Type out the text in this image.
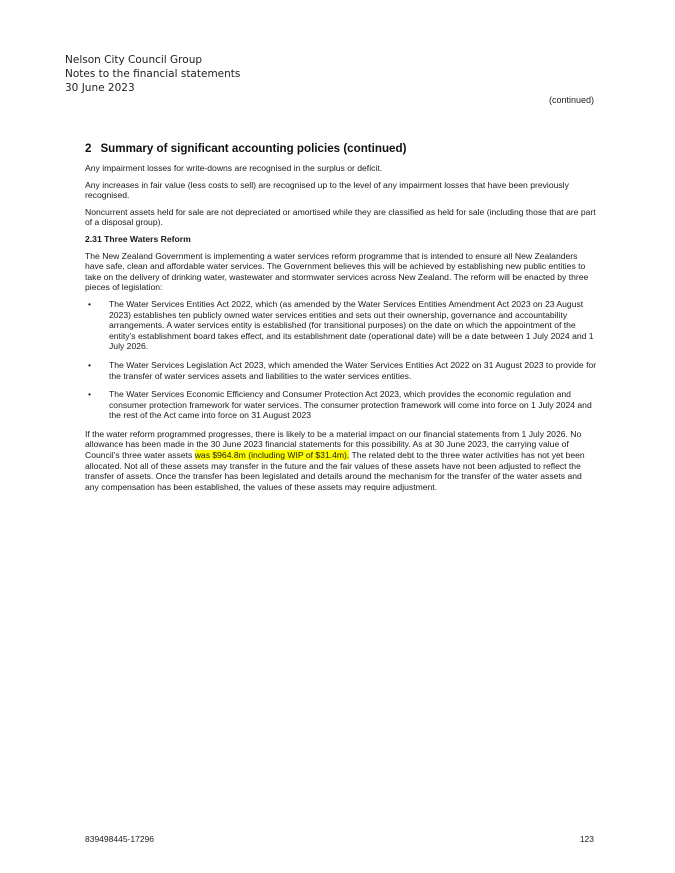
Nelson City Council Group
Notes to the financial statements
30 June 2023
(continued)
2 Summary of significant accounting policies (continued)

Any impairment losses for write-downs are recognised in the surplus or deficit.

Any increases in fair value (less costs to sell) are recognised up to the level of any impairment losses that have been previously recognised.

Noncurrent assets held for sale are not depreciated or amortised while they are classified as held for sale (including those that are part of a disposal group).

2.31 Three Waters Reform

The New Zealand Government is implementing a water services reform programme that is intended to ensure all New Zealanders have safe, clean and affordable water services. The Government believes this will be achieved by establishing new public entities to take on the delivery of drinking water, wastewater and stormwater services across New Zealand. The reform will be enacted by three pieces of legislation:

• The Water Services Entities Act 2022, which (as amended by the Water Services Entities Amendment Act 2023 on 23 August 2023) establishes ten publicly owned water services entities and sets out their ownership, governance and accountability arrangements. A water services entity is established (for transitional purposes) on the date on which the appointment of the entity’s establishment board takes effect, and its establishment date (operational date) will be a date between 1 July 2024 and 1 July 2026.
• The Water Services Legislation Act 2023, which amended the Water Services Entities Act 2022 on 31 August 2023 to provide for the transfer of water services assets and liabilities to the water services entities.
• The Water Services Economic Efficiency and Consumer Protection Act 2023, which provides the economic regulation and consumer protection framework for water services. The consumer protection framework will come into force on 1 July 2024 and the rest of the Act came into force on 31 August 2023

If the water reform programmed progresses, there is likely to be a material impact on our financial statements from 1 July 2026. No allowance has been made in the 30 June 2023 financial statements for this possibility. As at 30 June 2023, the carrying value of Council’s three water assets was $964.8m (including WIP of $31.4m). The related debt to the three water activities has not yet been allocated. Not all of these assets may transfer in the future and the fair values of these assets have not been adjusted to reflect the transfer of assets. Once the transfer has been legislated and details around the mechanism for the transfer of the water assets and any compensation has been established, the values of these assets may require adjustment.

839498445-17296	123
